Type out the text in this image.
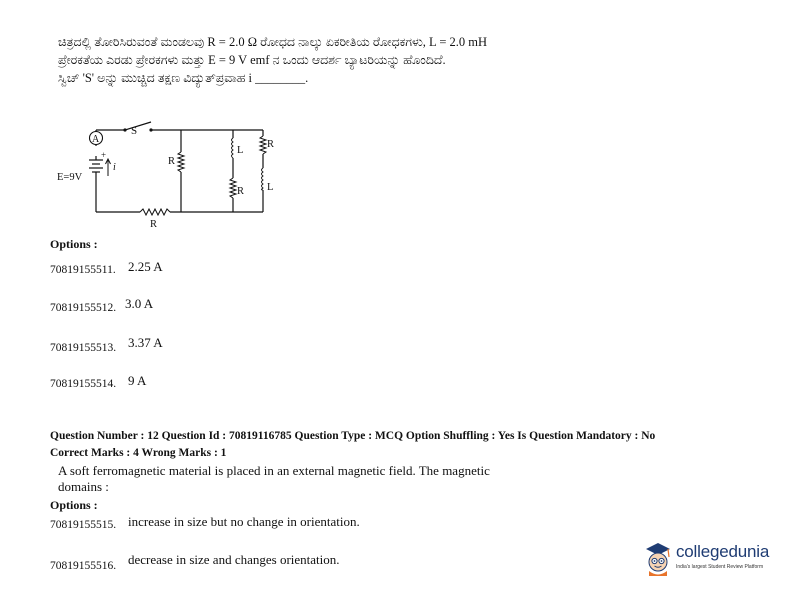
ಚಿತ್ರದಲ್ಲಿ ತೋರಿಸಿರುವಂತೆ ಮಂಡಲವು R = 2.0 Ω ರೋಧದ ನಾಲ್ಕು ಏಕರೀತಿಯ ರೋಧಕಗಳು, L = 2.0 mH
ಪ್ರೇರಕತೆಯ ಎರಡು ಪ್ರೇರಕಗಳು ಮತ್ತು E = 9 V emf ನ ಒಂದು ಆದರ್ಶ ಬ್ಯಾಟರಿಯನ್ನು ಹೊಂದಿದೆ.
ಸ್ವಿಚ್ 'S' ಅನ್ನು ಮುಚ್ಚಿದ ತಕ್ಷಣ ವಿದ್ಯುತ್‌ಪ್ರವಾಹ i ________.
A
S
+
E=9V
i
R
R
L
R
R
L
Options :
70819155511. 2.25 A
70819155512. 3.0 A
70819155513. 3.37 A
70819155514. 9 A
Question Number : 12 Question Id : 70819116785 Question Type : MCQ Option Shuffling : Yes Is Question Mandatory : No
Correct Marks : 4 Wrong Marks : 1
A soft ferromagnetic material is placed in an external magnetic field. The magnetic
domains :
Options :
70819155515. increase in size but no change in orientation.
70819155516. decrease in size and changes orientation.	collegedunia
India's largest Student Review Platform
